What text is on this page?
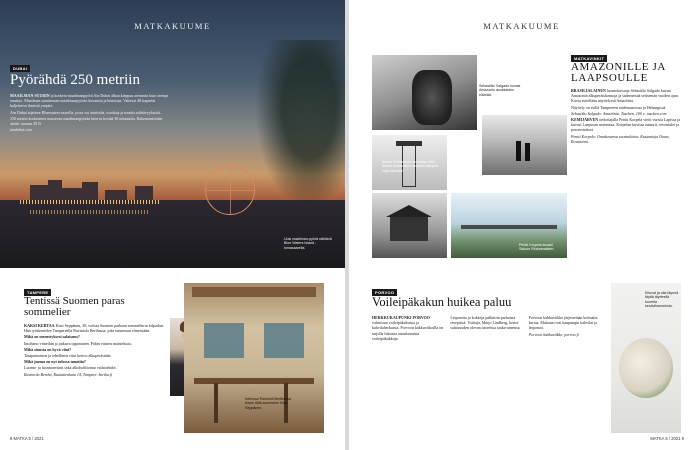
MATKAKUUME
DUBAI
Pyörähdä 250 metriin

MAAILMAN SUURIN ja korkein maailmanpyörä Ain Dubai alkaa kieppua aiemmin kuin aiempi ennätys. Maailman suurimman maailmanpyörän kuvausta ja historiaa. Valtavat 48 kapselia kuljettavat ihmisiä ympäri.

Ain Dubai sijaitsee Bluewaters-saarella, jossa voi aterioida, ostoksia ja nauttia nähtävyyksistä.

250 metrin korkeuteen nousevan maailmanpyörän kierros kestää 38 minuuttia. Rakennustöiden aloitti vuonna 2015.

aindubai.com

Uusi maailman-pyörä nähtävä Blue Waters Island -lomasaarella.
TAMPERE
Tentissä Suomen paras sommelier

KAKSI KERTAA Kirsi Seppänen, 30, voittaa Suomen parhaan sommelierin kilpailun. Hän työskentelee Tampereella Ravintola Berthassa, joka tunnetaan viineistään.

Mikä on menestyksesi salaisuus?

Intohimo viineihin ja jatkuva oppiminen. Pidän viinien maistelusta.

Mikä sinusta on hyvä viini?

Tasapainoinen ja rehellinen viini kertoo alkuperästään.

Mikä juoma on nyt tulossa muotiin?

Luomu- ja luonnonviinit sekä alkoholittomat vaihtoehdot.

Ravintola Bertha, Rautatienkatu 14, Tampere. bertha.fi

Intervuui Ravintoli Berthassa tekee töitä sommelier Kirsi Seppänen.
8 MATKA 5 / 2021
MATKAKUUME
Sebastião Salgado kuvasi Amazonin asukkaiden elämää.
Kemin Pentikäisen torneissa 360 metrin korkeuteen avautuu näkymä koko alueelle.
Pentti Korpela kuvasi Saloon Riutunmaiden.
MATKAVINKIT
AMAZONILLE JA LAAPSOULLE

BRASILIALAINEN luontokuvaaja Sebastião Salgado kuvasi Amazonin alkuperäiskansoja ja sademetsää seitsemän vuoden ajan. Kuvia esitellään näyttelyssä Amazônia.

Näyttely on esillä Tampereen taidemuseossa ja Helsingissä.

Sebastião Salgado: Amazônia. Taschen. 100 e. taschen.com

KEMIJÄRVEN tiedottajalla Pentti Korpela vietti vuosia Lapissa ja kuvasi Laapsoun maisemia. Korpelan kuvissa tunturit, revontulet ja poroerotukset.

Pentti Korpela: Omakuvansa suomalaisia. Kustantaja Otava, Rovaniemi.

PORVOO
Voileipäkakun huikea paluu

HERKKUKAUPUNKI PORVOO valmistuu voileipäkakuista ja kahvilaherkuista. Porvoon kakkuviikoilla on tarjolla lukuisia ainutlaatuisia voileipäkakkuja.

Leipureita ja kokkeja palkittiin parhaista reseptistä. Voittaja, Marjo Lindberg, kertoi salaisuuden olevan tuoreissa raaka-aineissa.

Porvoon kakkuviikko järjestetään kolmatta kertaa. Mukana ovat kaupungin kahvilat ja leipomot.

Porvoon kakkuviikko. porvoo.fi

Kituvat ja alla täynnä täyttä täytteellä tuoreita kesävihanneksia.
MATKA 5 / 2021 9
